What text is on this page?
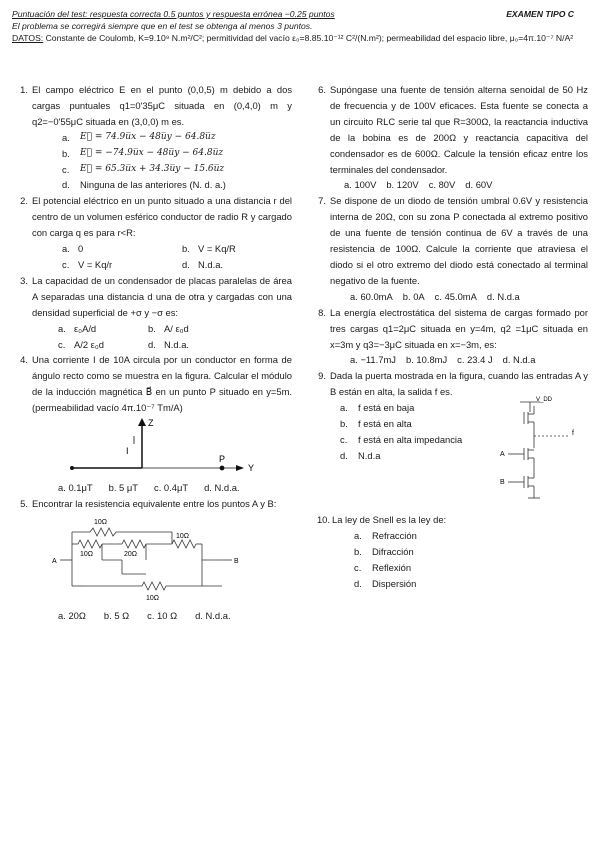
Puntuación del test: respuesta correcta 0.5 puntos y respuesta errónea −0.25 puntos	EXAMEN TIPO C
El problema se corregirá siempre que en el test se obtenga al menos 3 puntos.
DATOS: Constante de Coulomb, K=9.10⁹ N.m²/C²; permitividad del vacío ε₀=8.85.10⁻¹² C²/(N.m²); permeabilidad del espacio libre, μ₀=4π.10⁻⁷ N/A²
1. El campo eléctrico E en el punto (0,0,5) m debido a dos cargas puntuales q1=0'35μC situada en (0,4,0) m y q2=−0'55μC situada en (3,0,0) m es.
a.	E⃗ = 74.9u̅x − 48u̅y − 64.8u̅z
b.	E⃗ = −74.9u̅x − 48u̅y − 64.8u̅z
c.	E⃗ = 65.3u̅x + 34.3u̅y − 15.6u̅z
d.	Ninguna de las anteriores (N. d. a.)
2. El potencial eléctrico en un punto situado a una distancia r del centro de un volumen esférico conductor de radio R y cargado con carga q es para r<R:
a. 0	b. V = Kq/R
c. V = Kq/r	d. N.d.a.
3. La capacidad de un condensador de placas paralelas de área A separadas una distancia d una de otra y cargadas con una densidad superficial de +σ y −σ es:
a. ε₀A/d	b. A/ ε₀d
c. A/2 ε₀d	d. N.d.a.
4. Una corriente I de 10A circula por un conductor en forma de ángulo recto como se muestra en la figura. Calcular el módulo de la inducción magnética B⃗ en un punto P situado en y=5m. (permeabilidad vacío 4π.10⁻⁷ Tm/A)
Z
I
P
Y
a. 0.1μT b. 5 μT c. 0.4μT d. N.d.a.
5. Encontrar la resistencia equivalente entre los puntos A y B:
10Ω
10Ω	20Ω
10Ω
10Ω
A	B
a. 20Ω b. 5 Ω c. 10 Ω d. N.d.a.
6. Supóngase una fuente de tensión alterna senoidal de 50 Hz de frecuencia y de 100V eficaces. Esta fuente se conecta a un circuito RLC serie tal que R=300Ω, la reactancia inductiva de la bobina es de 200Ω y reactancia capacitiva del condensador es de 600Ω. Calcule la tensión eficaz entre los terminales del condensador.
a. 100V b. 120V c. 80V d. 60V
7. Se dispone de un diodo de tensión umbral 0.6V y resistencia interna de 20Ω, con su zona P conectada al extremo positivo de una fuente de tensión continua de 6V a través de una resistencia de 100Ω. Calcule la corriente que atraviesa el diodo si el otro extremo del diodo está conectado al terminal negativo de la fuente.
a. 60.0mA b. 0A c. 45.0mA d. N.d.a
8. La energía electrostática del sistema de cargas formado por tres cargas q1=2μC situada en y=4m, q2 =1μC situada en x=3m y q3=−3μC situada en x=−3m, es:
a. −11.7mJ b. 10.8mJ c. 23.4 J d. N.d.a
9. Dada la puerta mostrada en la figura, cuando las entradas A y B están en alta, la salida f es.
a.	f está en baja
b.	f está en alta
c.	f está en alta impedancia
d.	N.d.a
V_DD
f
A
B
10. La ley de Snell es la ley de:
a.	Refracción
b.	Difracción
c.	Reflexión
d.	Dispersión
